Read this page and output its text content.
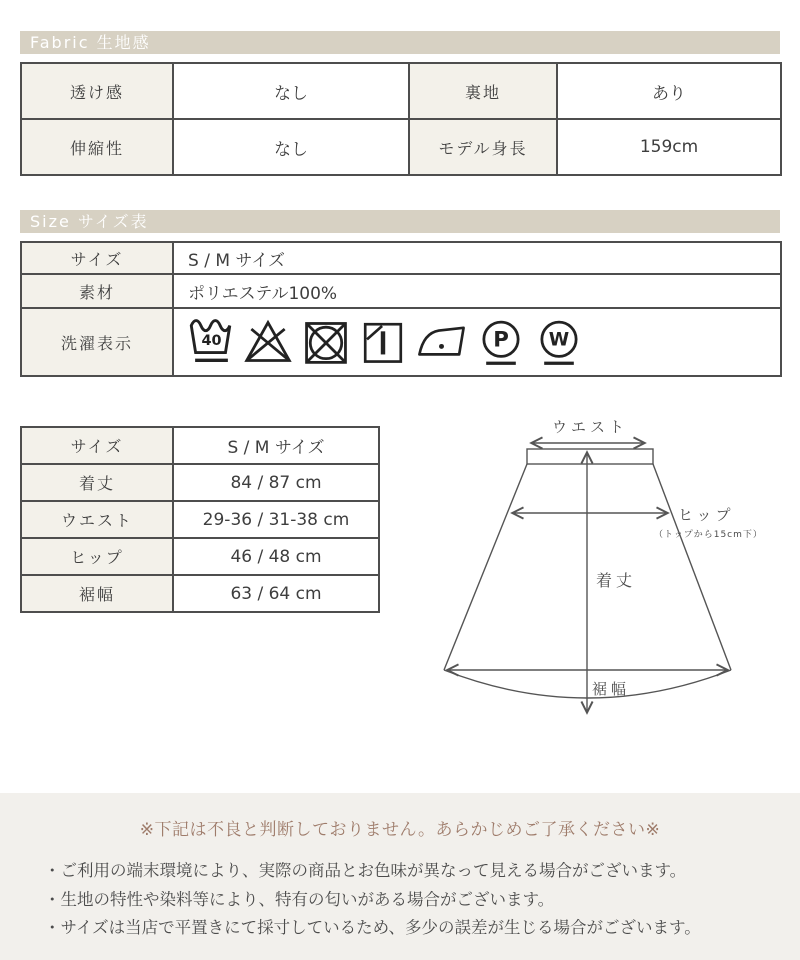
Fabric 生地感
透け感	なし	裏地	あり
伸縮性	なし	モデル身長	159cm
Size サイズ表
サイズ	S / M サイズ
素材	ポリエステル100%
洗濯表示	40 P W
サイズ	S / M サイズ
着丈	84 / 87 cm
ウエスト	29-36 / 31-38 cm
ヒップ	46 / 48 cm
裾幅	63 / 64 cm
ウエスト
ヒップ
（トップから15cm下）
着丈
裾幅
※下記は不良と判断しておりません。あらかじめご了承ください※
・ご利用の端末環境により、実際の商品とお色味が異なって見える場合がございます。
・生地の特性や染料等により、特有の匂いがある場合がございます。
・サイズは当店で平置きにて採寸しているため、多少の誤差が生じる場合がございます。
